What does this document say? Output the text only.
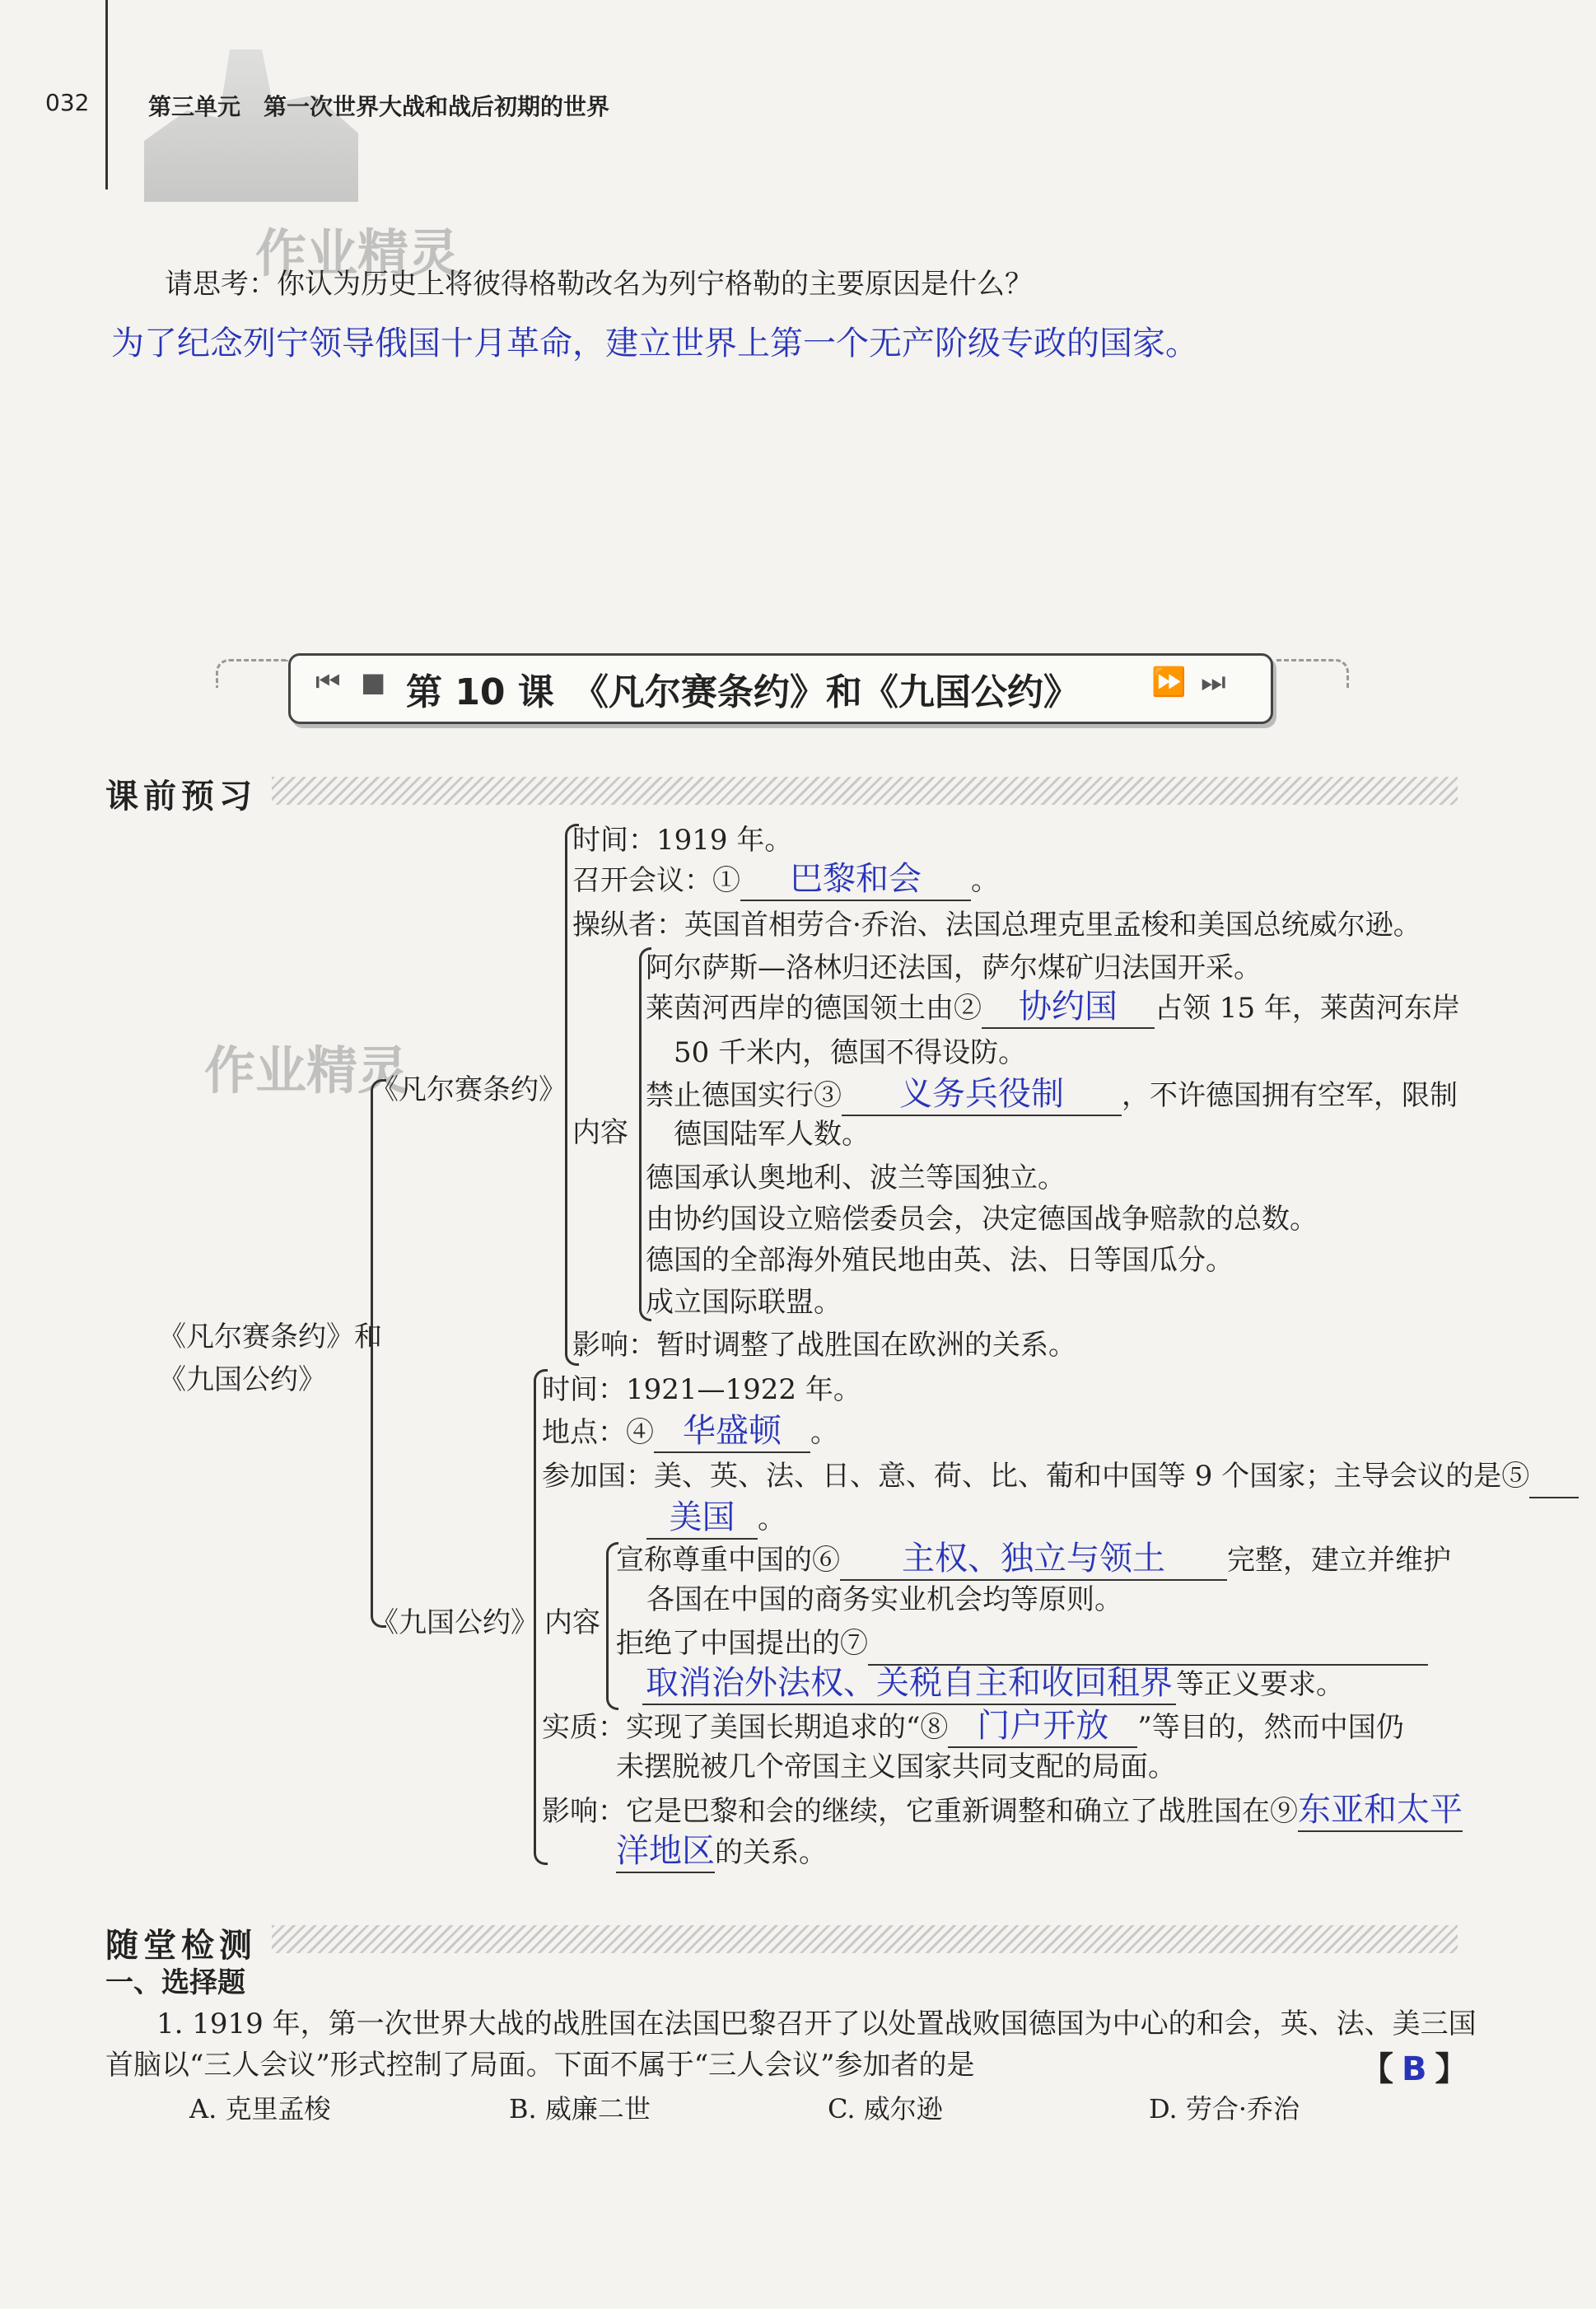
032	第三单元　第一次世界大战和战后初期的世界
作业精灵
作业精灵
请思考：你认为历史上将彼得格勒改名为列宁格勒的主要原因是什么？
为了纪念列宁领导俄国十月革命，建立世界上第一个无产阶级专政的国家。
⏮ ■ 第 10 课　《凡尔赛条约》和《九国公约》	⏩ ⏭
课前预习
《凡尔赛条约》和
《九国公约》
《凡尔赛条约》
时间：1919 年。
召开会议：① 巴黎和会 。
操纵者：英国首相劳合·乔治、法国总理克里孟梭和美国总统威尔逊。
内容
阿尔萨斯—洛林归还法国，萨尔煤矿归法国开采。
莱茵河西岸的德国领土由② 协约国 占领 15 年，莱茵河东岸
50 千米内，德国不得设防。
禁止德国实行③ 义务兵役制 ，不许德国拥有空军，限制
德国陆军人数。
德国承认奥地利、波兰等国独立。
由协约国设立赔偿委员会，决定德国战争赔款的总数。
德国的全部海外殖民地由英、法、日等国瓜分。
成立国际联盟。
影响：暂时调整了战胜国在欧洲的关系。
《九国公约》
时间：1921—1922 年。
地点：④ 华盛顿 。
参加国：美、英、法、日、意、荷、比、葡和中国等 9 个国家；主导会议的是⑤
美国 。
内容
宣称尊重中国的⑥ 主权、独立与领土 完整，建立并维护
各国在中国的商务实业机会均等原则。
拒绝了中国提出的⑦
取消治外法权、关税自主和收回租界 等正义要求。
实质：实现了美国长期追求的“⑧ 门户开放 ”等目的，然而中国仍
未摆脱被几个帝国主义国家共同支配的局面。
影响：它是巴黎和会的继续，它重新调整和确立了战胜国在⑨东亚和太平
洋地区的关系。
随堂检测
一、选择题
1. 1919 年，第一次世界大战的战胜国在法国巴黎召开了以处置战败国德国为中心的和会，英、法、美三国
首脑以“三人会议”形式控制了局面。下面不属于“三人会议”参加者的是	【 B 】
A. 克里孟梭	B. 威廉二世	C. 威尔逊	D. 劳合·乔治
